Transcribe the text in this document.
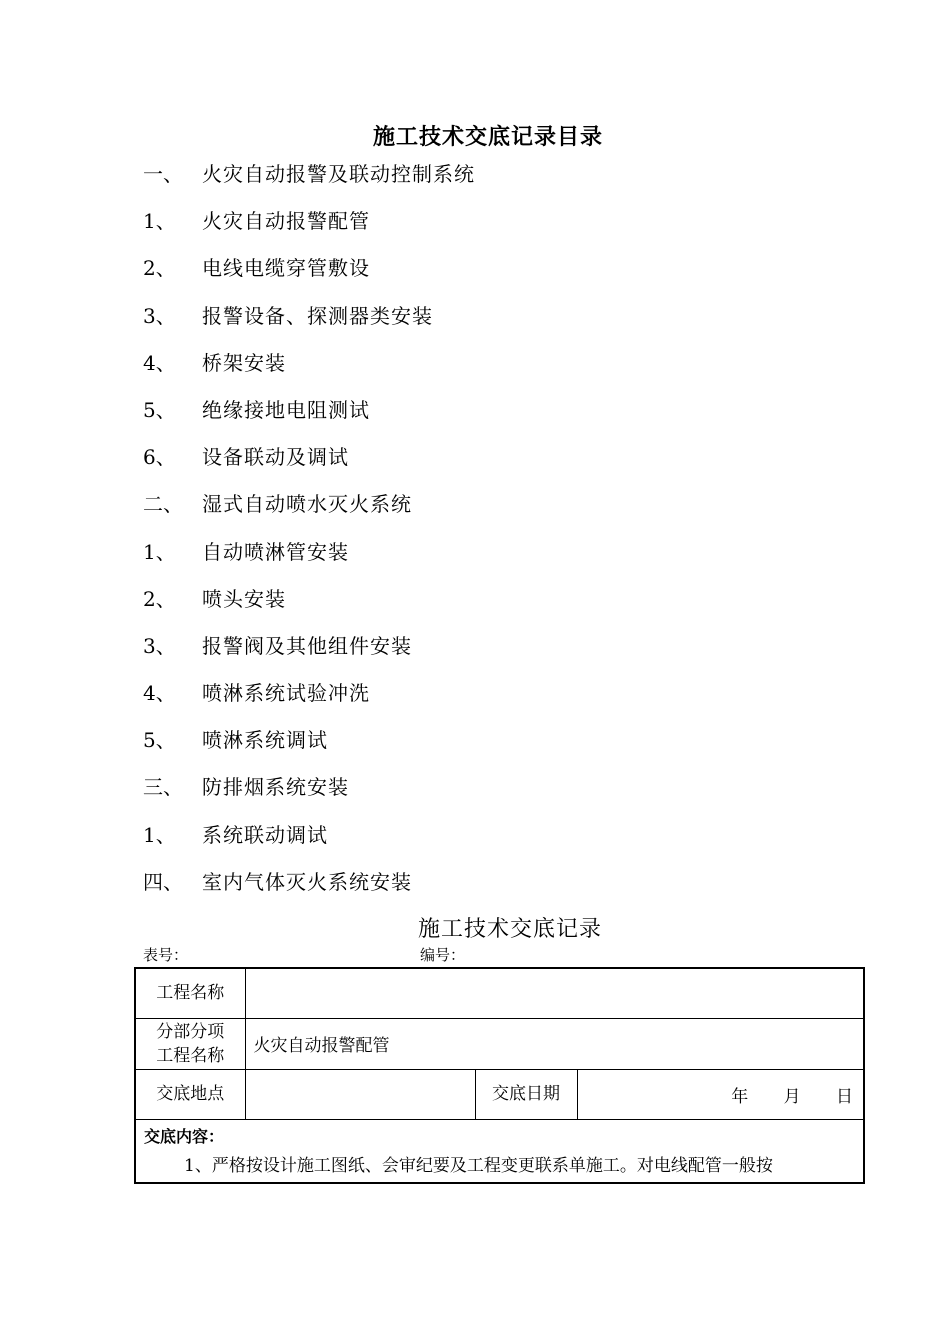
施工技术交底记录目录
一、 火灾自动报警及联动控制系统
1、	火灾自动报警配管
2、	电线电缆穿管敷设
3、	报警设备、探测器类安装
4、	桥架安装
5、	绝缘接地电阻测试
6、	设备联动及调试
二、 湿式自动喷水灭火系统
1、	自动喷淋管安装
2、	喷头安装
3、	报警阀及其他组件安装
4、	喷淋系统试验冲洗
5、	喷淋系统调试
三、 防排烟系统安装
1、	系统联动调试
四、 室内气体灭火系统安装
施工技术交底记录
表号：	编号：
工程名称			

分部分项
工程名称	火灾自动报警配管		
交底地点		交底日期	年 月 日
交底内容：			
1、严格按设计施工图纸、会审纪要及工程变更联系单施工。对电线配管一般按			
